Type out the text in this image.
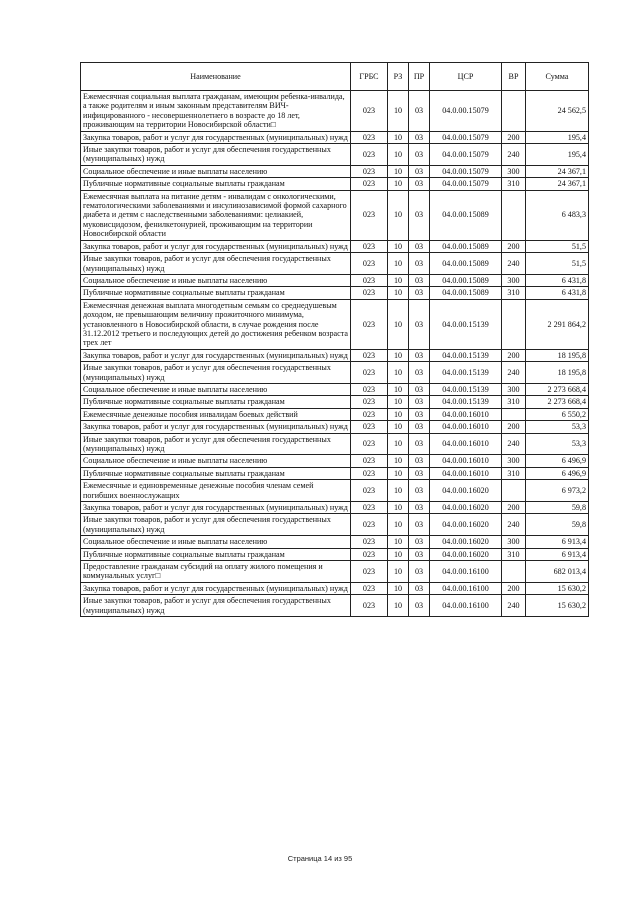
Наименование	ГРБС	РЗ	ПР	ЦСР	ВР	Сумма
Ежемесячная социальная выплата гражданам, имеющим ребенка-инвалида, а также родителям и иным законным представителям ВИЧ-инфицированного - несовершеннолетнего в возрасте до 18 лет, проживающим на территории Новосибирской области□	023	10	03	04.0.00.15079		24 562,5
Закупка товаров, работ и услуг для государственных (муниципальных) нужд	023	10	03	04.0.00.15079	200	195,4
Иные закупки товаров, работ и услуг для обеспечения государственных (муниципальных) нужд	023	10	03	04.0.00.15079	240	195,4
Социальное обеспечение и иные выплаты населению	023	10	03	04.0.00.15079	300	24 367,1
Публичные нормативные социальные выплаты гражданам	023	10	03	04.0.00.15079	310	24 367,1
Ежемесячная выплата на питание детям - инвалидам с онкологическими, гематологическими заболеваниями и инсулинозависимой формой сахарного диабета и детям с наследственными заболеваниями: целиакией, муковисцидозом, фенилкетонурией, проживающим на территории Новосибирской области	023	10	03	04.0.00.15089		6 483,3
Закупка товаров, работ и услуг для государственных (муниципальных) нужд	023	10	03	04.0.00.15089	200	51,5
Иные закупки товаров, работ и услуг для обеспечения государственных (муниципальных) нужд	023	10	03	04.0.00.15089	240	51,5
Социальное обеспечение и иные выплаты населению	023	10	03	04.0.00.15089	300	6 431,8
Публичные нормативные социальные выплаты гражданам	023	10	03	04.0.00.15089	310	6 431,8
Ежемесячная денежная выплата многодетным семьям со среднедушевым доходом, не превышающим величину прожиточного минимума, установленного в Новосибирской области, в случае рождения после 31.12.2012 третьего и последующих детей до достижения ребенком возраста трех лет	023	10	03	04.0.00.15139		2 291 864,2
Закупка товаров, работ и услуг для государственных (муниципальных) нужд	023	10	03	04.0.00.15139	200	18 195,8
Иные закупки товаров, работ и услуг для обеспечения государственных (муниципальных) нужд	023	10	03	04.0.00.15139	240	18 195,8
Социальное обеспечение и иные выплаты населению	023	10	03	04.0.00.15139	300	2 273 668,4
Публичные нормативные социальные выплаты гражданам	023	10	03	04.0.00.15139	310	2 273 668,4
Ежемесячные денежные пособия инвалидам боевых действий	023	10	03	04.0.00.16010		6 550,2
Закупка товаров, работ и услуг для государственных (муниципальных) нужд	023	10	03	04.0.00.16010	200	53,3
Иные закупки товаров, работ и услуг для обеспечения государственных (муниципальных) нужд	023	10	03	04.0.00.16010	240	53,3
Социальное обеспечение и иные выплаты населению	023	10	03	04.0.00.16010	300	6 496,9
Публичные нормативные социальные выплаты гражданам	023	10	03	04.0.00.16010	310	6 496,9
Ежемесячные и единовременные денежные пособия членам семей погибших военнослужащих	023	10	03	04.0.00.16020		6 973,2
Закупка товаров, работ и услуг для государственных (муниципальных) нужд	023	10	03	04.0.00.16020	200	59,8
Иные закупки товаров, работ и услуг для обеспечения государственных (муниципальных) нужд	023	10	03	04.0.00.16020	240	59,8
Социальное обеспечение и иные выплаты населению	023	10	03	04.0.00.16020	300	6 913,4
Публичные нормативные социальные выплаты гражданам	023	10	03	04.0.00.16020	310	6 913,4
Предоставление гражданам субсидий на оплату жилого помещения и коммунальных услуг□	023	10	03	04.0.00.16100		682 013,4
Закупка товаров, работ и услуг для государственных (муниципальных) нужд	023	10	03	04.0.00.16100	200	15 630,2
Иные закупки товаров, работ и услуг для обеспечения государственных (муниципальных) нужд	023	10	03	04.0.00.16100	240	15 630,2
Страница 14 из 95
